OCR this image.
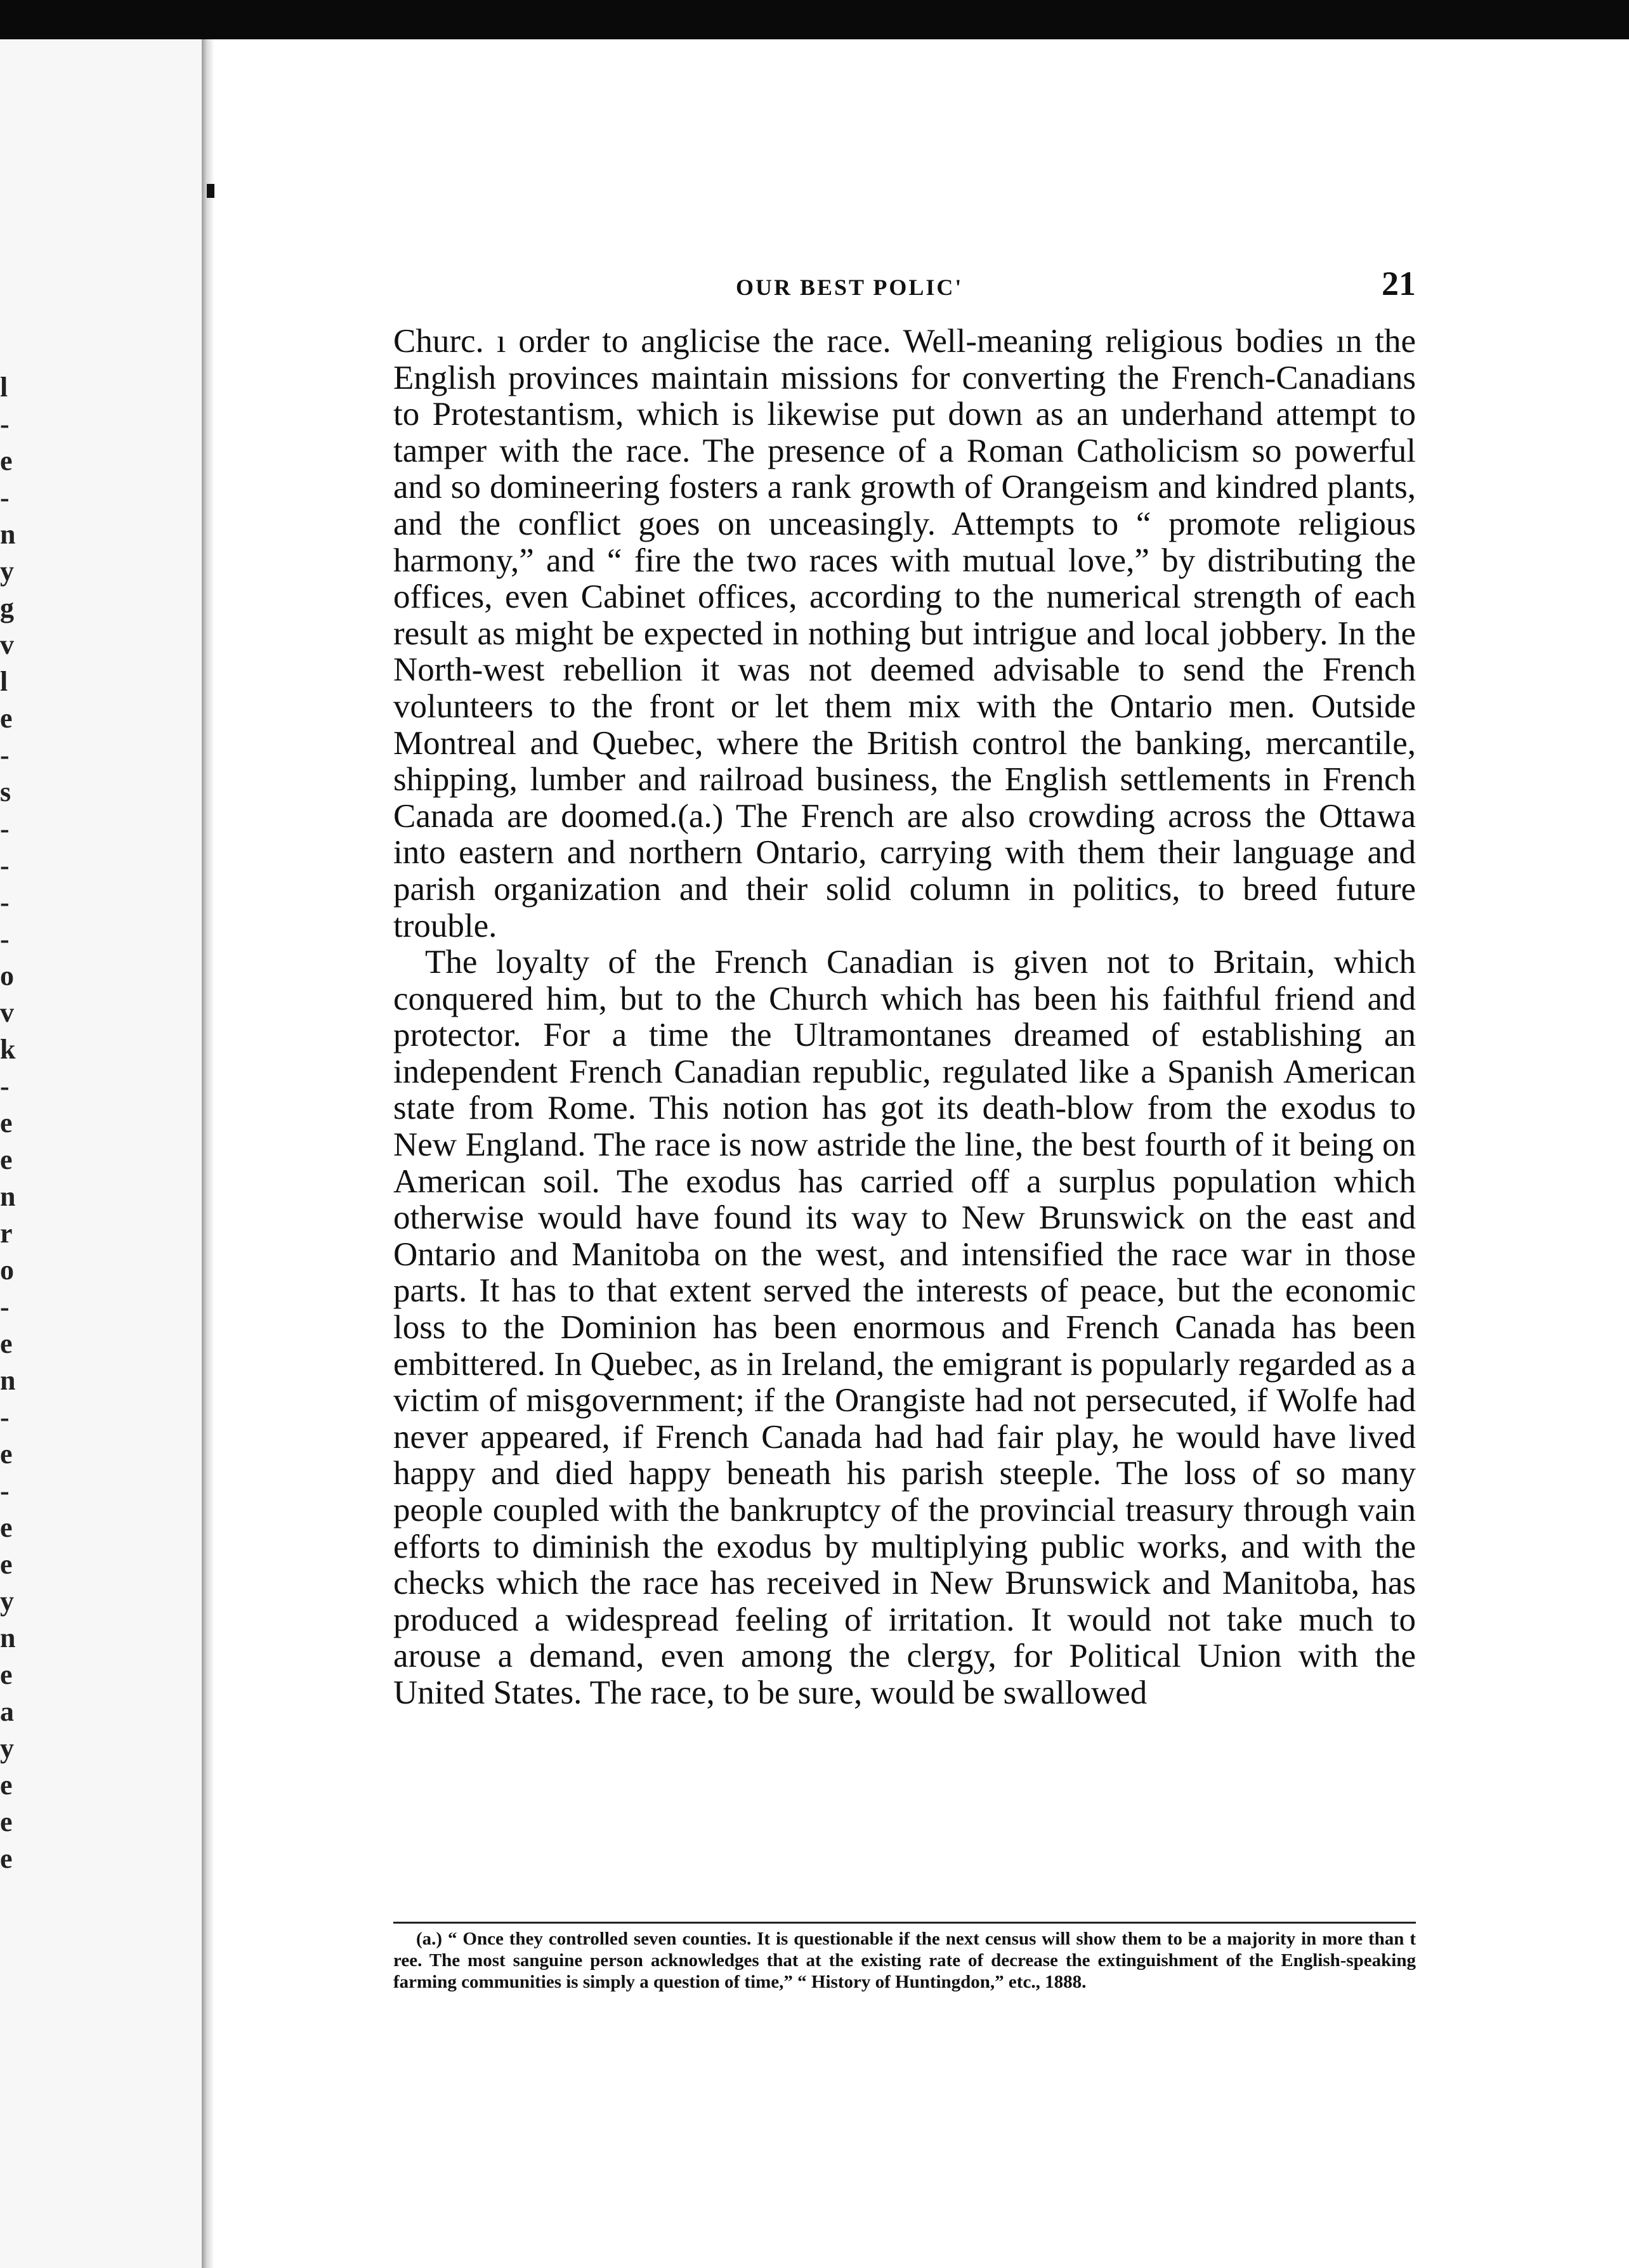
l
-
e
-
n
y
g
v
l
e
-
s
-
-
-
-
o
v
k
-
e
e
n
r
o
-
e
n
-
e
-
e
e
y
n
e
a
y
e
e
e
OUR BEST POLIC'	21

Churc. ı order to anglicise the race. Well-meaning religious bodies ın the English provinces maintain missions for converting the French-Canadians to Protestantism, which is likewise put down as an underhand attempt to tamper with the race. The presence of a Roman Catholicism so powerful and so domineering fosters a rank growth of Orangeism and kindred plants, and the conflict goes on unceasingly. Attempts to “ promote religious harmony,” and “ fire the two races with mutual love,” by distributing the offices, even Cabinet offices, according to the numerical strength of each result as might be expected in nothing but intrigue and local jobbery. In the North-west rebellion it was not deemed advisable to send the French volunteers to the front or let them mix with the Ontario men. Outside Montreal and Quebec, where the British control the banking, mercantile, shipping, lumber and railroad business, the English settlements in French Canada are doomed.(a.) The French are also crowding across the Ottawa into eastern and northern Ontario, carrying with them their language and parish organization and their solid column in politics, to breed future trouble.

The loyalty of the French Canadian is given not to Britain, which conquered him, but to the Church which has been his faithful friend and protector. For a time the Ultramontanes dreamed of establishing an independent French Canadian republic, regulated like a Spanish American state from Rome. This notion has got its death-blow from the exodus to New England. The race is now astride the line, the best fourth of it being on American soil. The exodus has carried off a surplus population which otherwise would have found its way to New Brunswick on the east and Ontario and Manitoba on the west, and intensified the race war in those parts. It has to that extent served the interests of peace, but the economic loss to the Dominion has been enormous and French Canada has been embittered. In Quebec, as in Ireland, the emigrant is popularly regarded as a victim of misgovernment; if the Orangiste had not persecuted, if Wolfe had never appeared, if French Canada had had fair play, he would have lived happy and died happy beneath his parish steeple. The loss of so many people coupled with the bankruptcy of the provincial treasury through vain efforts to diminish the exodus by multiplying public works, and with the checks which the race has received in New Brunswick and Manitoba, has produced a widespread feeling of irritation. It would not take much to arouse a demand, even among the clergy, for Political Union with the United States. The race, to be sure, would be swallowed

(a.) “ Once they controlled seven counties. It is questionable if the next census will show them to be a majority in more than t ree. The most sanguine person acknowledges that at the existing rate of decrease the extinguishment of the English-speaking farming communities is simply a question of time,” “ History of Huntingdon,” etc., 1888.
